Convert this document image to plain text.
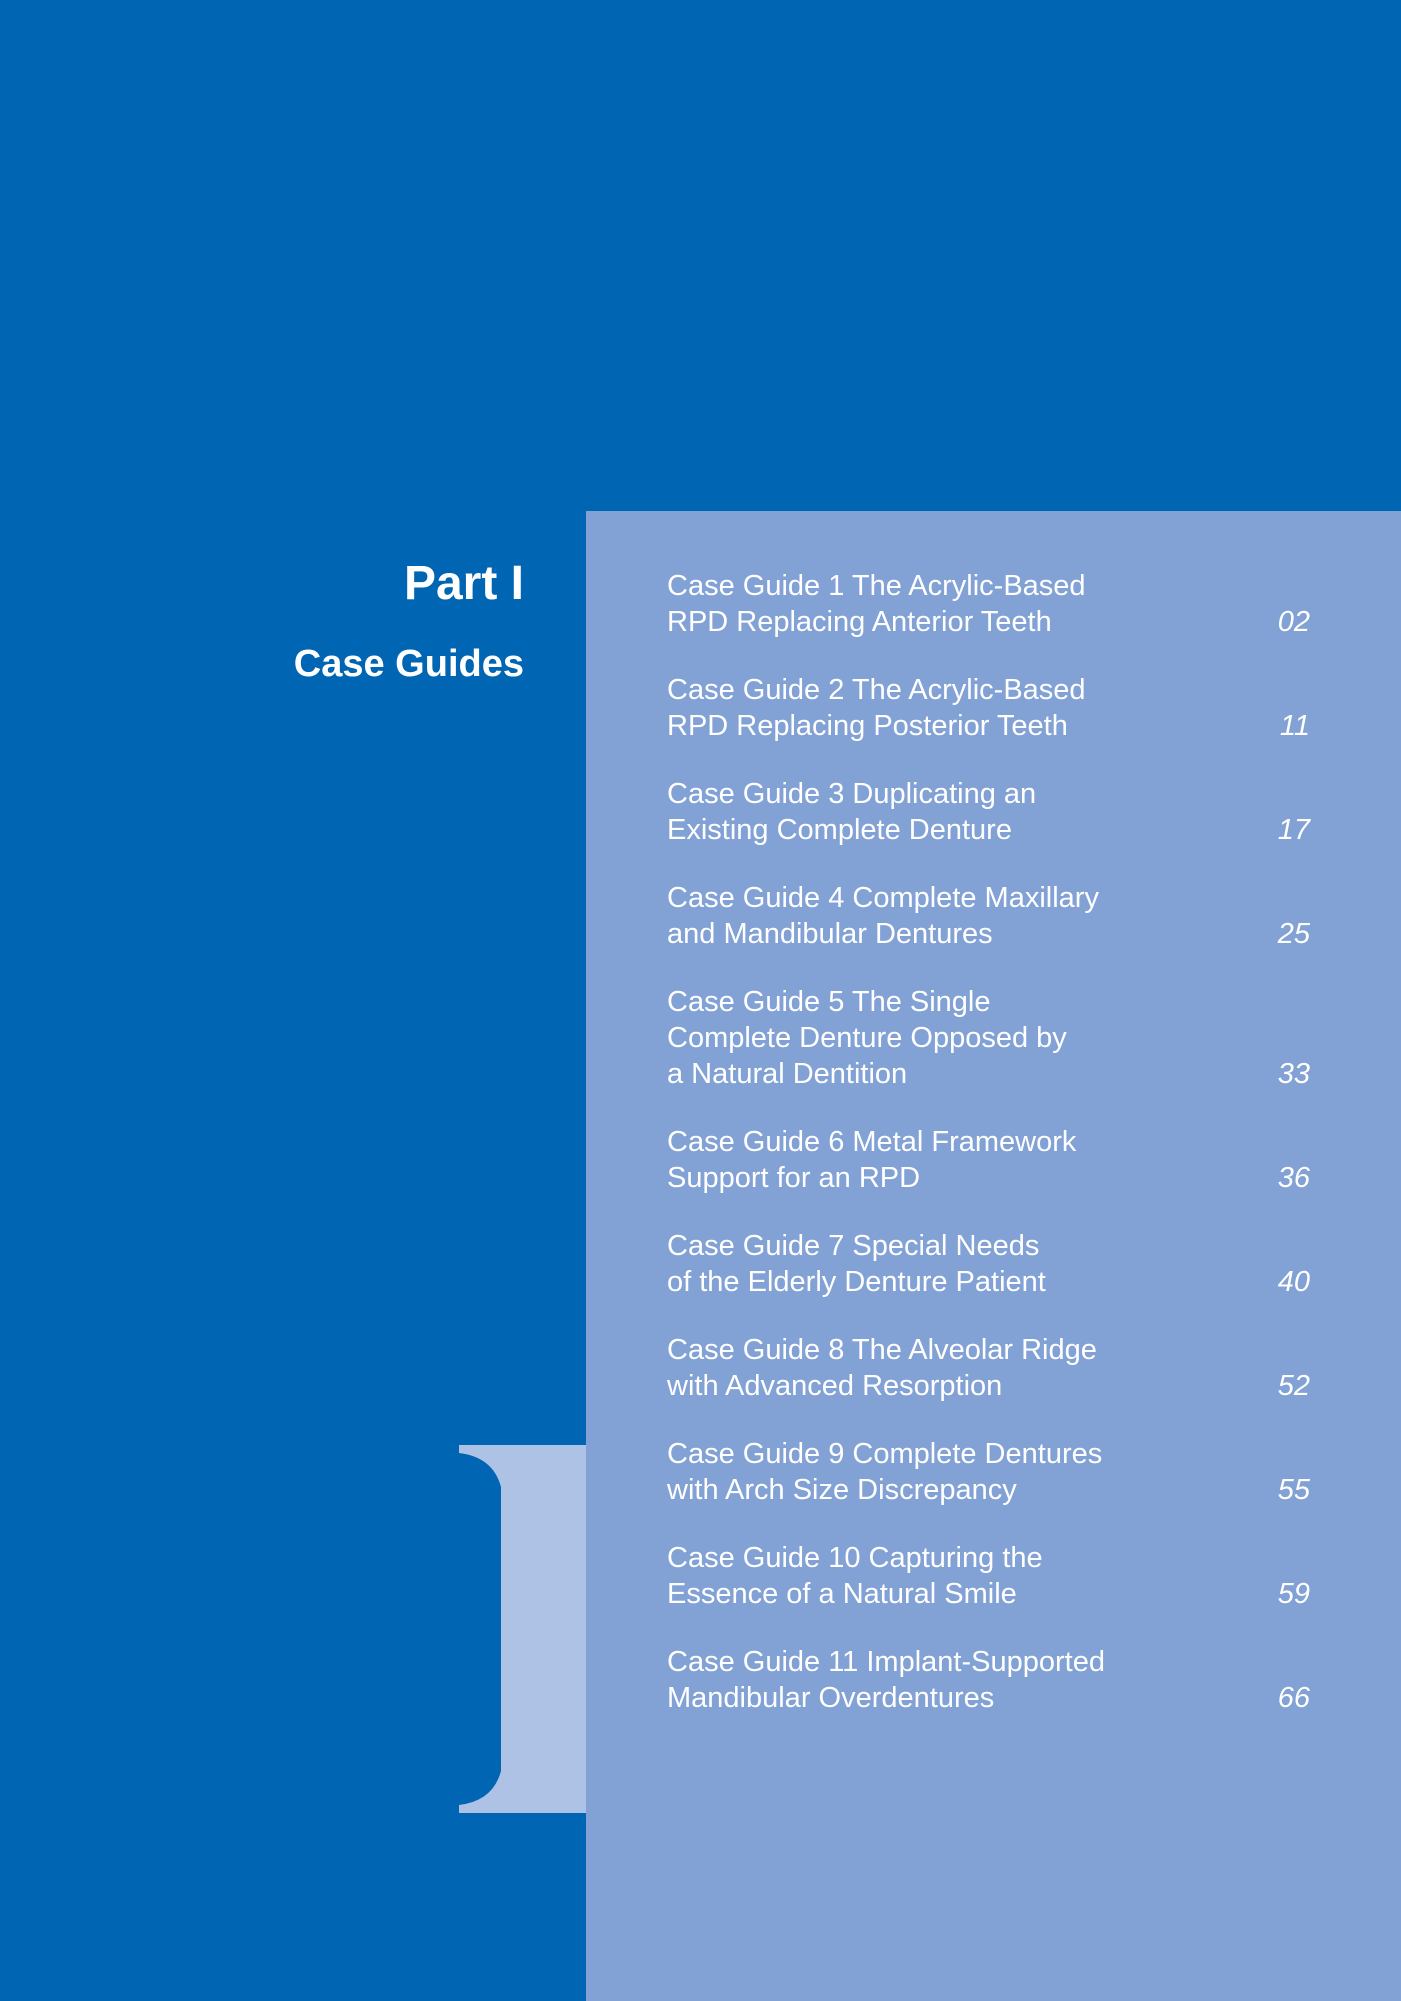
Part I
Case Guides
Case Guide 1 The Acrylic-Based
RPD Replacing Anterior Teeth	02
Case Guide 2 The Acrylic-Based
RPD Replacing Posterior Teeth	11
Case Guide 3 Duplicating an
Existing Complete Denture	17
Case Guide 4 Complete Maxillary
and Mandibular Dentures	25
Case Guide 5 The Single
Complete Denture Opposed by
a Natural Dentition	33
Case Guide 6 Metal Framework
Support for an RPD	36
Case Guide 7 Special Needs
of the Elderly Denture Patient	40
Case Guide 8 The Alveolar Ridge
with Advanced Resorption	52
Case Guide 9 Complete Dentures
with Arch Size Discrepancy	55
Case Guide 10 Capturing the
Essence of a Natural Smile	59
Case Guide 11 Implant-Supported
Mandibular Overdentures	66
